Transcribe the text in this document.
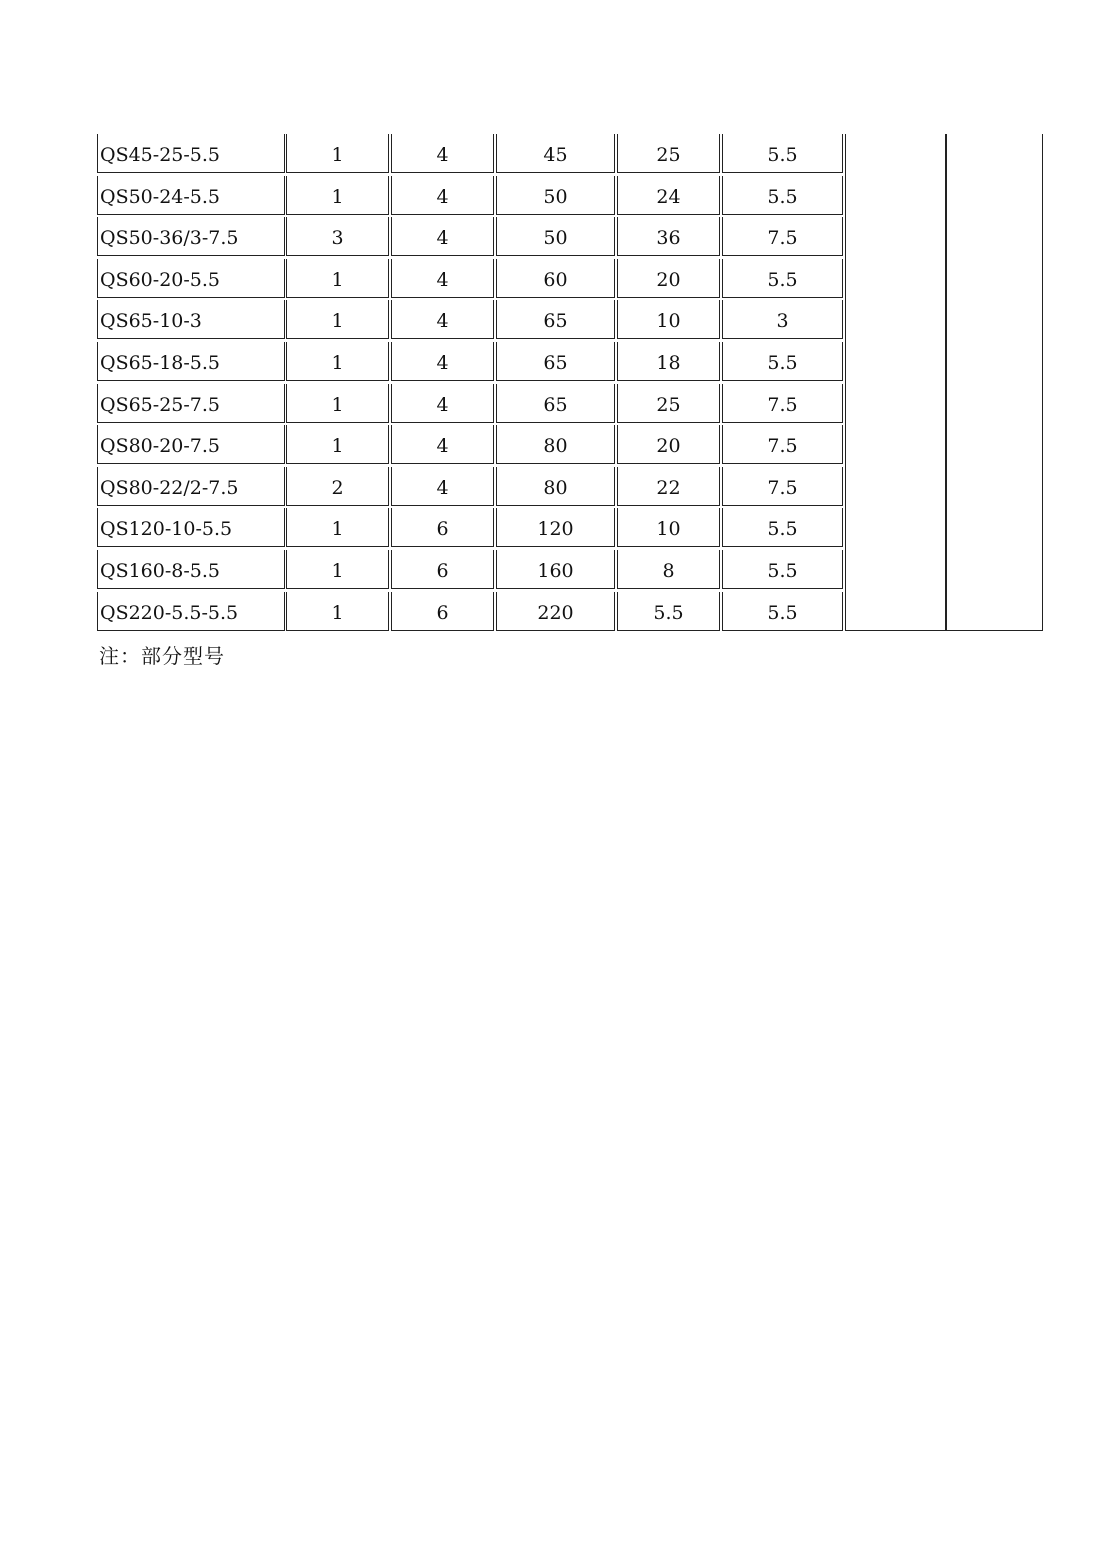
QS45-25-5.5	1	4	45	25	5.5
QS50-24-5.5	1	4	50	24	5.5
QS50-36/3-7.5	3	4	50	36	7.5
QS60-20-5.5	1	4	60	20	5.5
QS65-10-3	1	4	65	10	3
QS65-18-5.5	1	4	65	18	5.5
QS65-25-7.5	1	4	65	25	7.5
QS80-20-7.5	1	4	80	20	7.5
QS80-22/2-7.5	2	4	80	22	7.5
QS120-10-5.5	1	6	120	10	5.5
QS160-8-5.5	1	6	160	8	5.5
QS220-5.5-5.5	1	6	220	5.5	5.5
注：部分型号
